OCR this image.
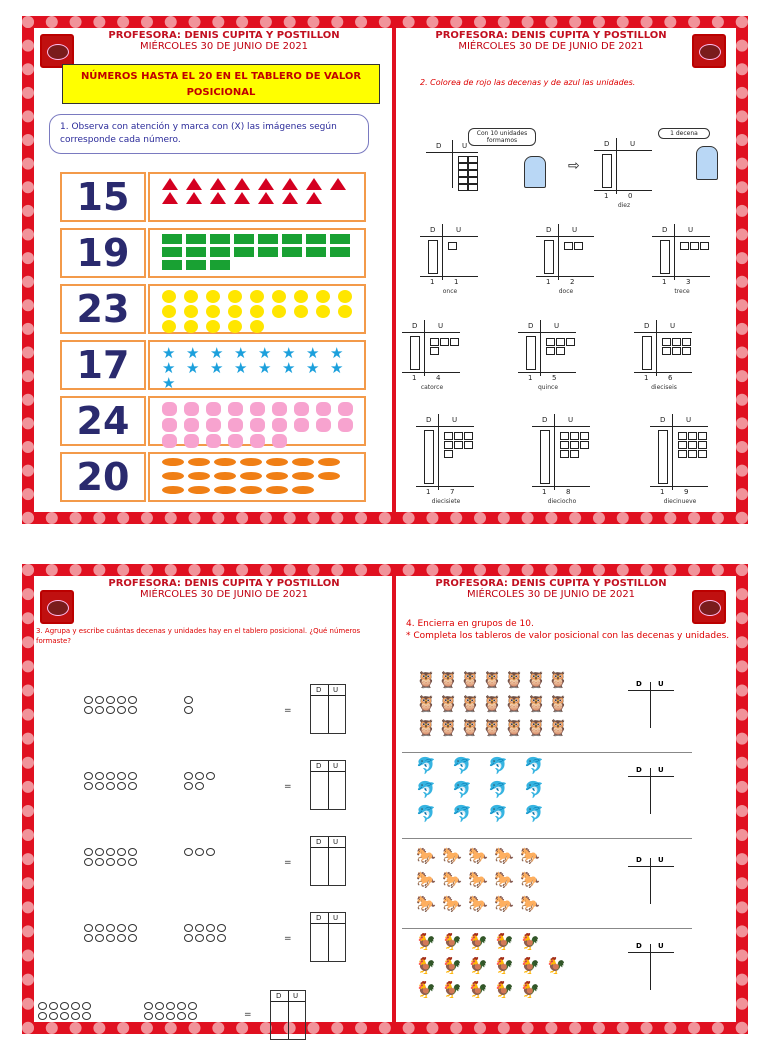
PROFESORA: DENIS CUPITA Y POSTILLON
MIÉRCOLES 30 DE JUNIO DE 2021
NÚMEROS HASTA EL 20 EN EL TABLERO DE VALOR
POSICIONAL
1. Observa con atención y marca con (X) las imágenes según corresponde cada número.
15
19
23
17	★ ★ ★ ★ ★ ★ ★ ★
★ ★ ★ ★ ★ ★ ★ ★
★
24
20
PROFESORA: DENIS CUPITA Y POSTILLON
MIÉRCOLES 30 DE DE JUNIO DE 2021
2. Colorea de rojo las decenas y de azul las unidades.
D	U
Con 10 unidades formamos
⇨
1 decena
D	U
1	0
diez
D	U
1	1
once
D	U
1	2
doce
D	U
1	3
trece
D	U
1	4
catorce
D	U
1	5
quince
D	U
1	6
dieciseis
D	U
1	7
diecisiete
D	U
1	8
dieciocho
D	U
1	9
diecinueve
PROFESORA: DENIS CUPITA Y POSTILLON
MIÉRCOLES 30 DE JUNIO DE 2021
3. Agrupa y escribe cuántas decenas y unidades hay en el tablero posicional. ¿Qué números formaste?

=
D U

=
D U

=
D U

=
D U

=
D U
PROFESORA: DENIS CUPITA Y POSTILLON
MIÉRCOLES 30 DE JUNIO DE 2021
4. Encierra en grupos de 10.
* Completa los tableros de valor posicional con las decenas y unidades.
🦉 🦉 🦉 🦉 🦉 🦉 🦉
🦉 🦉 🦉 🦉 🦉 🦉 🦉
🦉 🦉 🦉 🦉 🦉 🦉 🦉
D U
🐬 🐬 🐬 🐬
🐬 🐬 🐬 🐬
🐬 🐬 🐬 🐬
D U
🐎 🐎 🐎 🐎 🐎
🐎 🐎 🐎 🐎 🐎
🐎 🐎 🐎 🐎 🐎
D U
🐓 🐓 🐓 🐓 🐓
🐓 🐓 🐓 🐓 🐓 🐓
🐓 🐓 🐓 🐓 🐓
D U
